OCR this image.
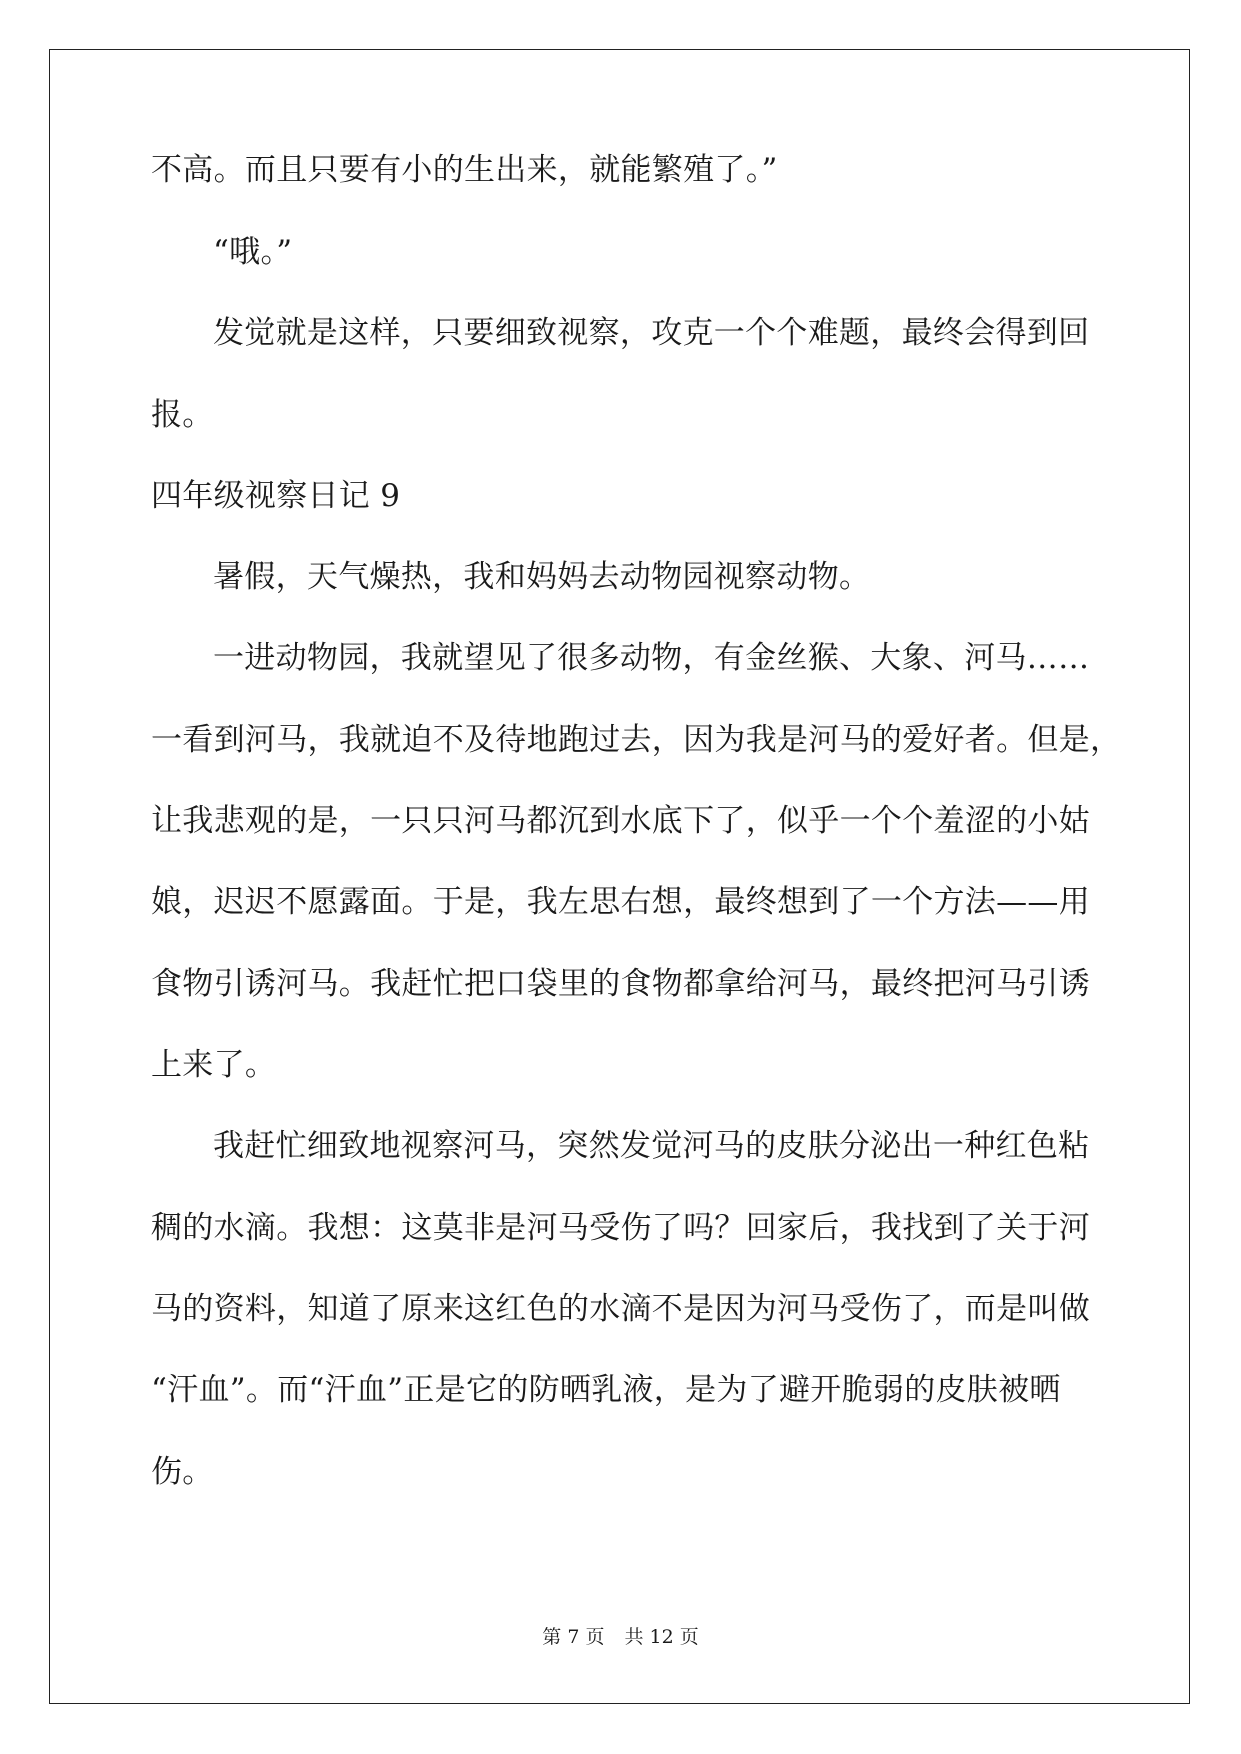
不高。而且只要有小的生出来，就能繁殖了。”
“哦。”
发觉就是这样，只要细致视察，攻克一个个难题，最终会得到回
报。
四年级视察日记 9
暑假，天气燥热，我和妈妈去动物园视察动物。
一进动物园，我就望见了很多动物，有金丝猴、大象、河马……
一看到河马，我就迫不及待地跑过去，因为我是河马的爱好者。但是，
让我悲观的是，一只只河马都沉到水底下了，似乎一个个羞涩的小姑
娘，迟迟不愿露面。于是，我左思右想，最终想到了一个方法——用
食物引诱河马。我赶忙把口袋里的食物都拿给河马，最终把河马引诱
上来了。
我赶忙细致地视察河马，突然发觉河马的皮肤分泌出一种红色粘
稠的水滴。我想：这莫非是河马受伤了吗？回家后，我找到了关于河
马的资料，知道了原来这红色的水滴不是因为河马受伤了，而是叫做
“汗血”。而“汗血”正是它的防晒乳液，是为了避开脆弱的皮肤被晒
伤。
第 7 页 共 12 页
